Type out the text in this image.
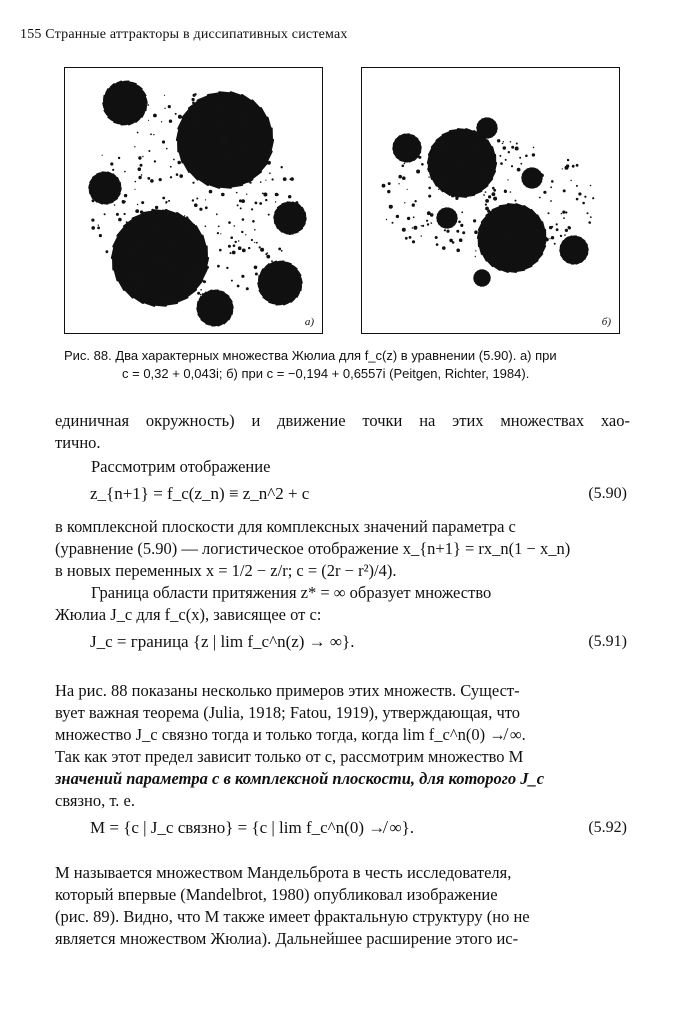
155 Странные аттракторы в диссипативных системах
а)	б)
Рис. 88. Два характерных множества Жюлиа для f_c(z) в уравнении (5.90). а) при
c = 0,32 + 0,043i; б) при c = −0,194 + 0,6557i (Peitgen, Richter, 1984).
единичная окружность) и движение точки на этих множествах хао-
тично.
Рассмотрим отображение
z_{n+1} = f_c(z_n) ≡ z_n^2 + c	(5.90)
в комплексной плоскости для комплексных значений параметра c
(уравнение (5.90) — логистическое отображение x_{n+1} = rx_n(1 − x_n)
в новых переменных x = 1/2 − z/r; c = (2r − r²)/4).
Граница области притяжения z* = ∞ образует множество
Жюлиа J_c для f_c(x), зависящее от c:
J_c = граница {z | lim f_c^n(z) → ∞}.	(5.91)
На рис. 88 показаны несколько примеров этих множеств. Сущест-
вует важная теорема (Julia, 1918; Fatou, 1919), утверждающая, что
множество J_c связно тогда и только тогда, когда lim f_c^n(0) ↛ ∞.
Так как этот предел зависит только от c, рассмотрим множество M
значений параметра c в комплексной плоскости, для которого J_c
связно, т. е.
M = {c | J_c связно} = {c | lim f_c^n(0) ↛ ∞}.	(5.92)
M называется множеством Мандельброта в честь исследователя,
который впервые (Mandelbrot, 1980) опубликовал изображение
(рис. 89). Видно, что M также имеет фрактальную структуру (но не
является множеством Жюлиа). Дальнейшее расширение этого ис-
